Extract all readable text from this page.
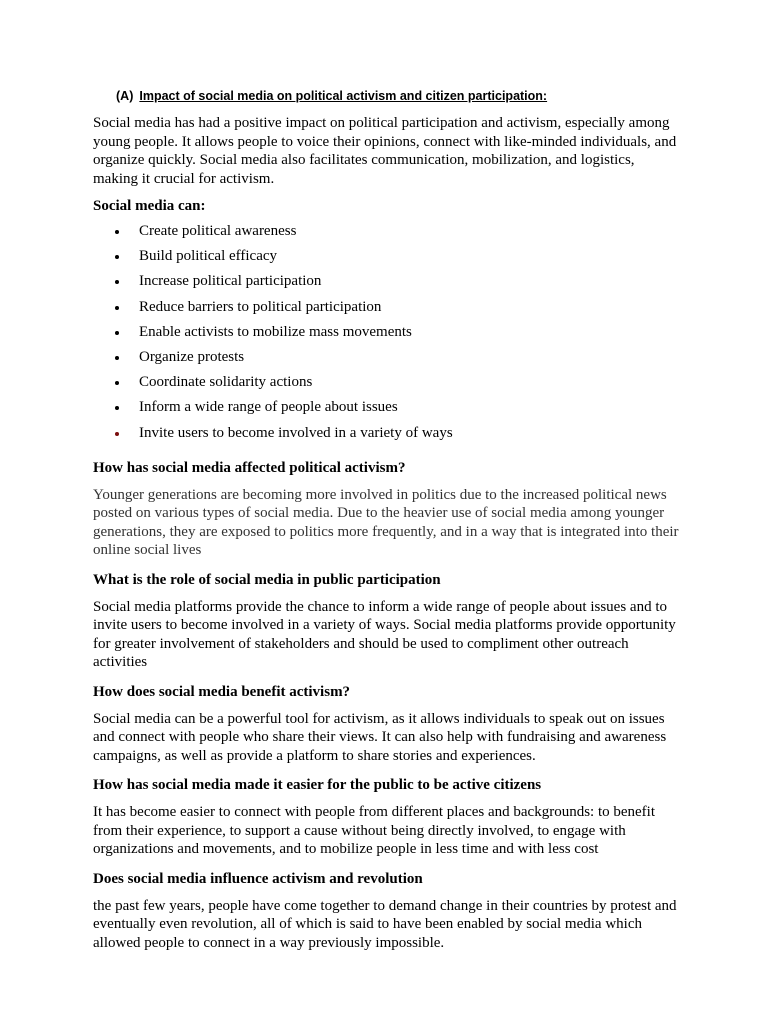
(A) Impact of social media on political activism and citizen participation:

Social media has had a positive impact on political participation and activism, especially among young people. It allows people to voice their opinions, connect with like-minded individuals, and organize quickly. Social media also facilitates communication, mobilization, and logistics, making it crucial for activism.

Social media can:
Create political awareness
Build political efficacy
Increase political participation
Reduce barriers to political participation
Enable activists to mobilize mass movements
Organize protests
Coordinate solidarity actions
Inform a wide range of people about issues
Invite users to become involved in a variety of ways
How has social media affected political activism?

Younger generations are becoming more involved in politics due to the increased political news posted on various types of social media. Due to the heavier use of social media among younger generations, they are exposed to politics more frequently, and in a way that is integrated into their online social lives

What is the role of social media in public participation

Social media platforms provide the chance to inform a wide range of people about issues and to invite users to become involved in a variety of ways. Social media platforms provide opportunity for greater involvement of stakeholders and should be used to compliment other outreach activities

How does social media benefit activism?

Social media can be a powerful tool for activism, as it allows individuals to speak out on issues and connect with people who share their views. It can also help with fundraising and awareness campaigns, as well as provide a platform to share stories and experiences.

How has social media made it easier for the public to be active citizens

It has become easier to connect with people from different places and backgrounds: to benefit from their experience, to support a cause without being directly involved, to engage with organizations and movements, and to mobilize people in less time and with less cost

Does social media influence activism and revolution

the past few years, people have come together to demand change in their countries by protest and eventually even revolution, all of which is said to have been enabled by social media which allowed people to connect in a way previously impossible.
